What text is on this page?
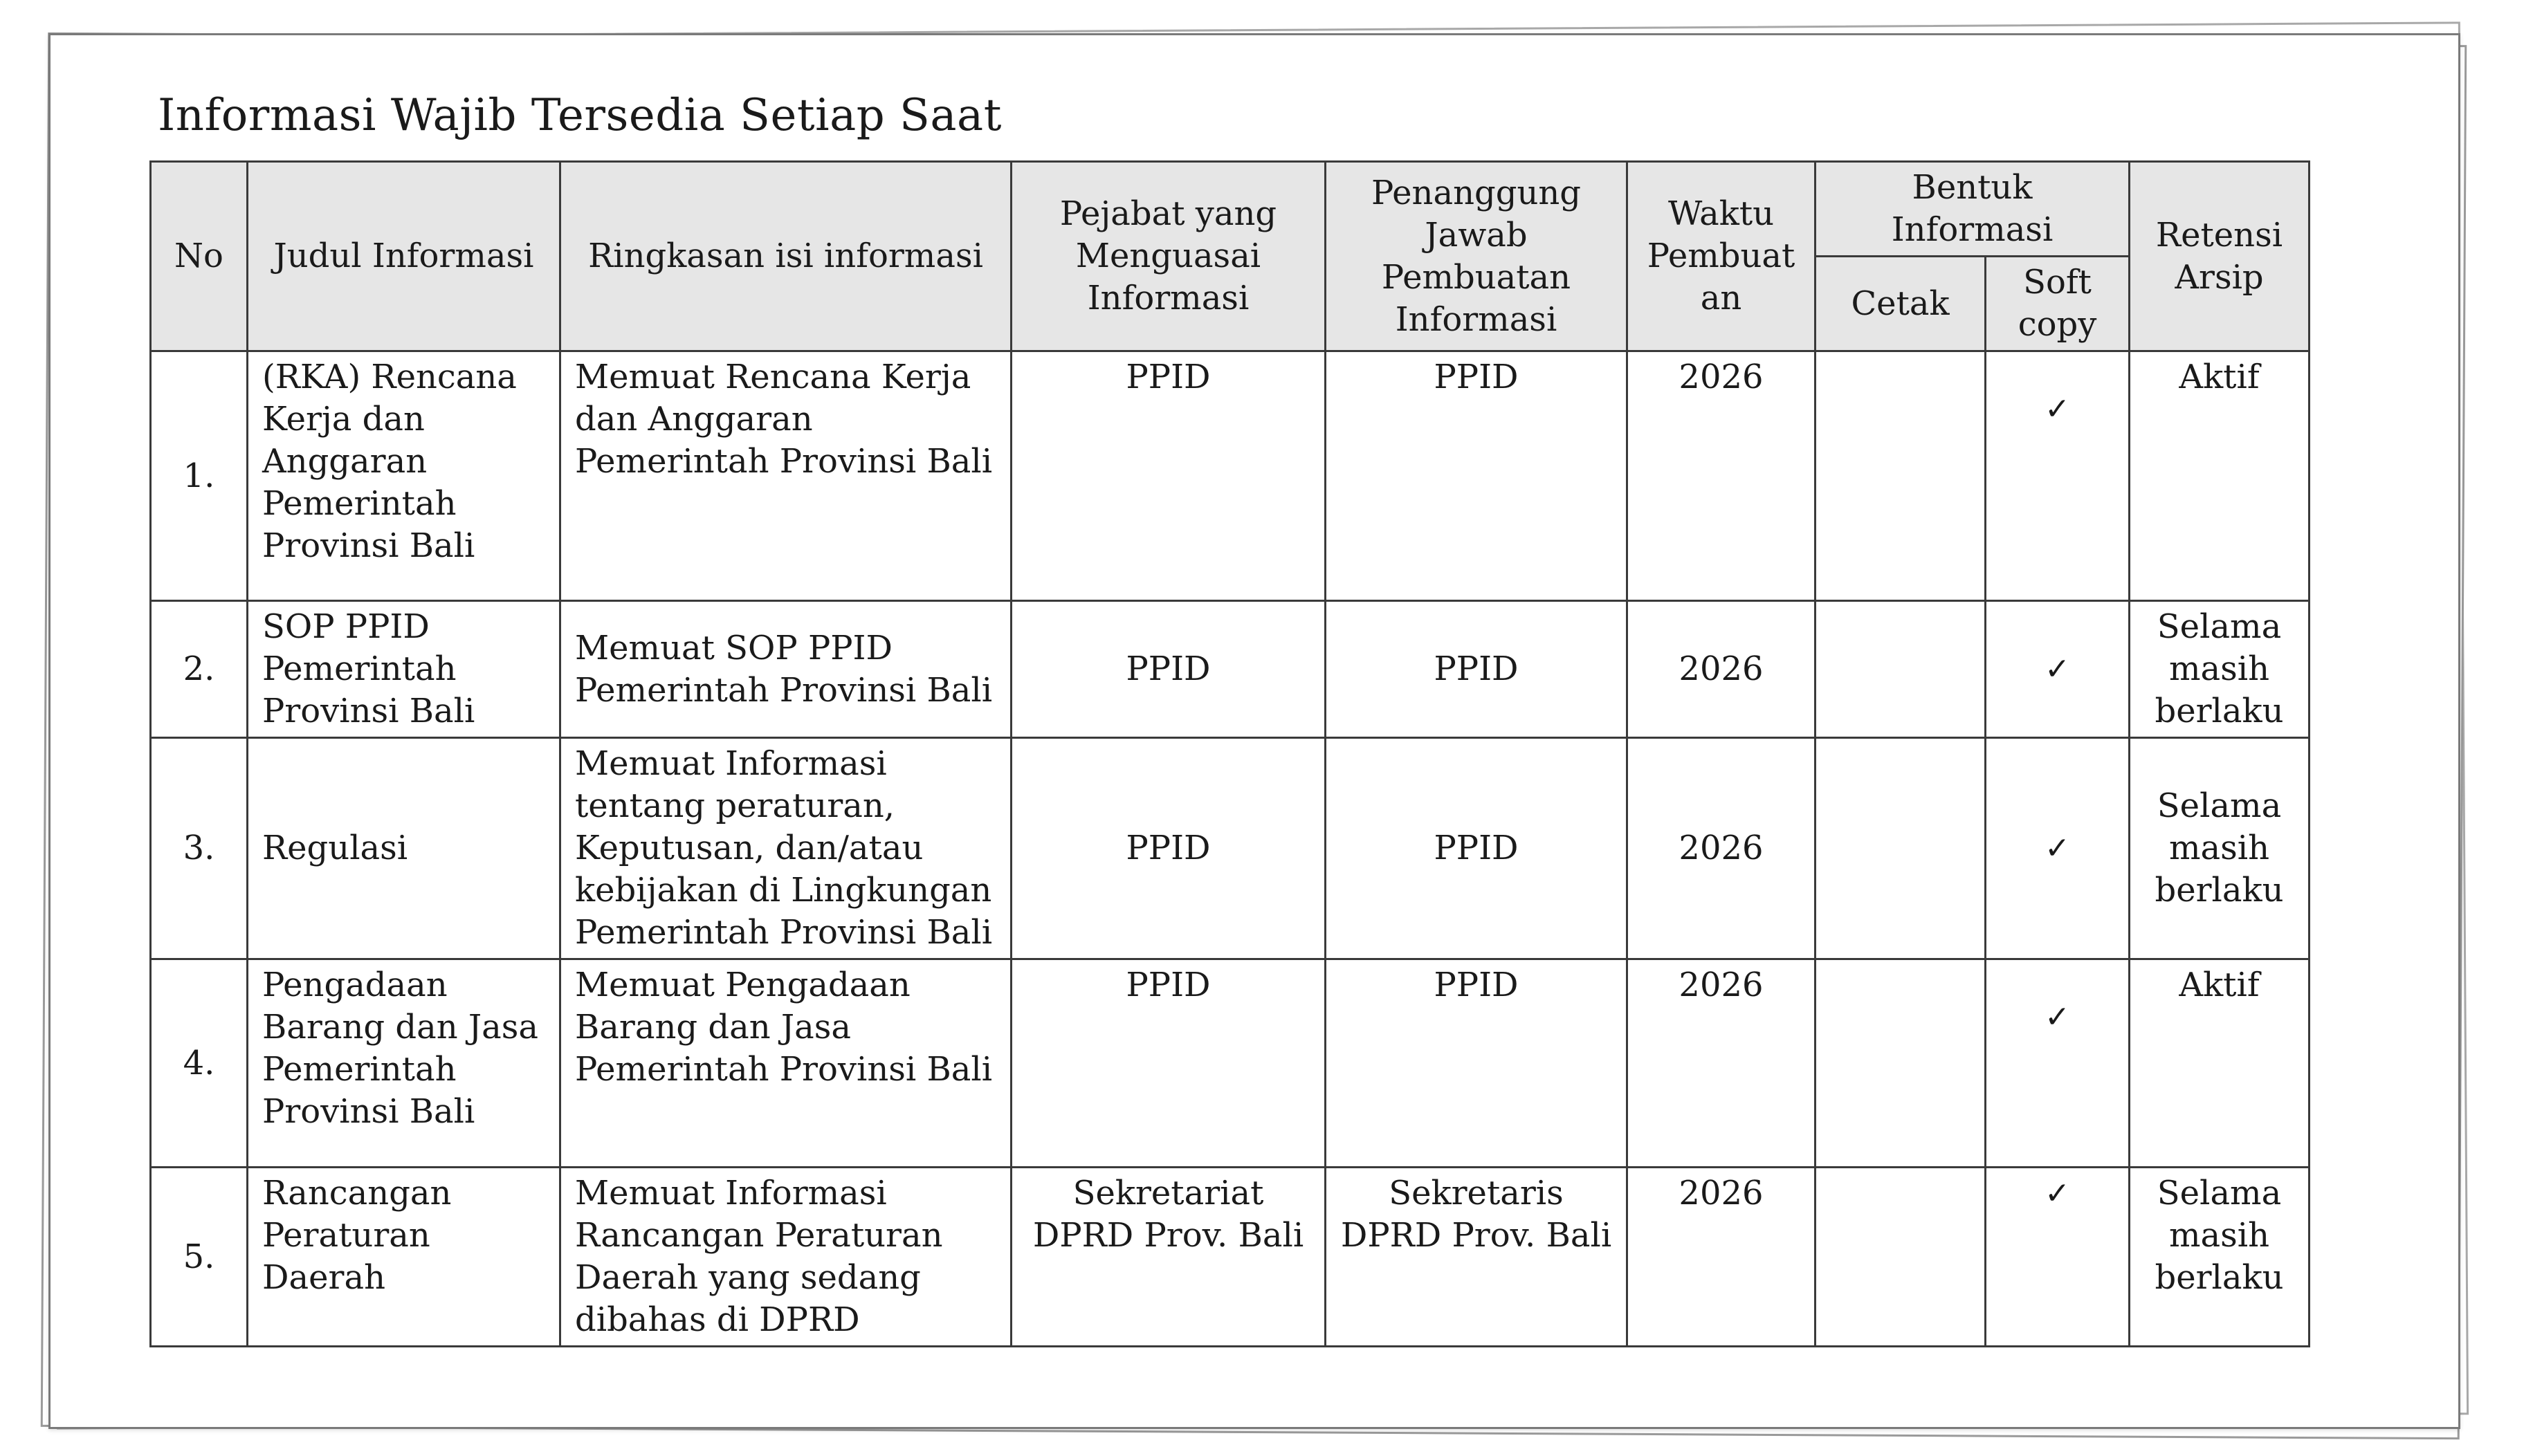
Informasi Wajib Tersedia Setiap Saat
No	Judul Informasi	Ringkasan isi informasi	Pejabat yang Menguasai Informasi	Penanggung Jawab Pembuatan Informasi	Waktu Pembuat an	Bentuk Informasi		Retensi Arsip
						Cetak	Soft copy	
1.	(RKA) Rencana Kerja dan Anggaran Pemerintah Provinsi Bali	Memuat Rencana Kerja dan Anggaran Pemerintah Provinsi Bali	PPID	PPID	2026		✓	Aktif
2.	SOP PPID Pemerintah Provinsi Bali	Memuat SOP PPID Pemerintah Provinsi Bali	PPID	PPID	2026		✓	Selama masih berlaku
3.	Regulasi	Memuat Informasi tentang peraturan, Keputusan, dan/atau kebijakan di Lingkungan Pemerintah Provinsi Bali	PPID	PPID	2026		✓	Selama masih berlaku
4.	Pengadaan Barang dan Jasa Pemerintah Provinsi Bali	Memuat Pengadaan Barang dan Jasa Pemerintah Provinsi Bali	PPID	PPID	2026		✓	Aktif
5.	Rancangan Peraturan Daerah	Memuat Informasi Rancangan Peraturan Daerah yang sedang dibahas di DPRD	Sekretariat DPRD Prov. Bali	Sekretaris DPRD Prov. Bali	2026		✓	Selama masih berlaku
